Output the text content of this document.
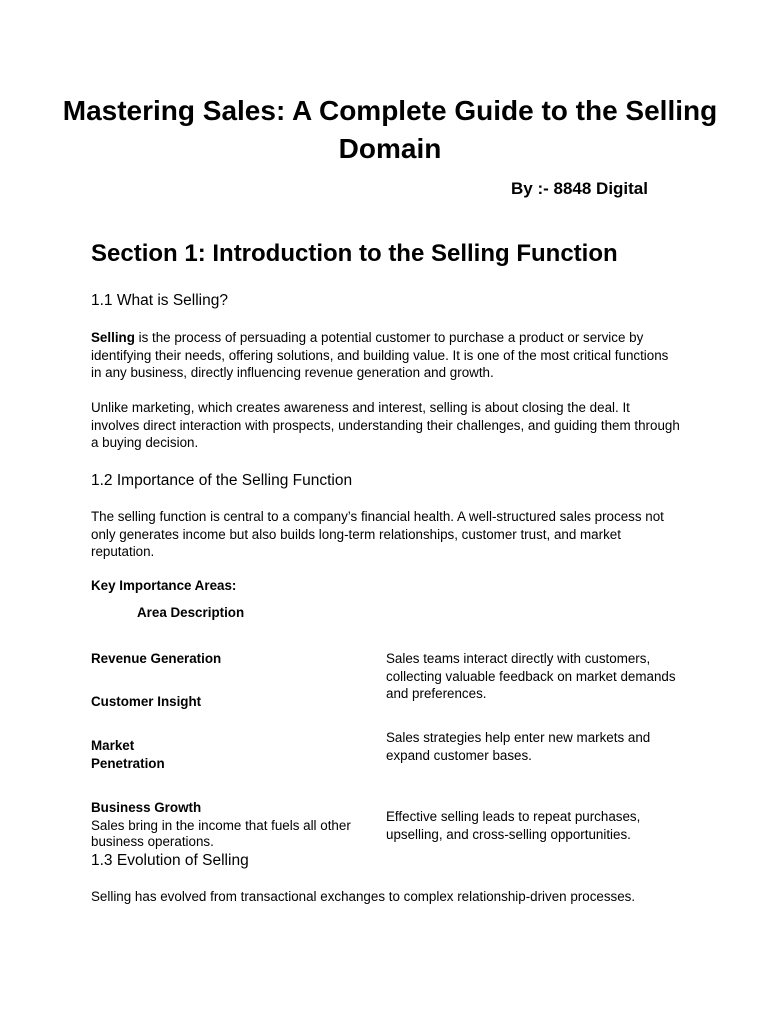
Mastering Sales: A Complete Guide to the Selling Domain
By :- 8848 Digital
Section 1: Introduction to the Selling Function
1.1 What is Selling?

Selling is the process of persuading a potential customer to purchase a product or service by identifying their needs, offering solutions, and building value. It is one of the most critical functions in any business, directly influencing revenue generation and growth.

Unlike marketing, which creates awareness and interest, selling is about closing the deal. It involves direct interaction with prospects, understanding their challenges, and guiding them through a buying decision.

1.2 Importance of the Selling Function

The selling function is central to a company’s financial health. A well-structured sales process not only generates income but also builds long-term relationships, customer trust, and market reputation.

Key Importance Areas:
Area Description
Revenue Generation
Customer Insight
Market
Penetration
Business Growth
Sales bring in the income that fuels all other business operations.
Sales teams interact directly with customers, collecting valuable feedback on market demands and preferences.
Sales strategies help enter new markets and expand customer bases.
Effective selling leads to repeat purchases, upselling, and cross-selling opportunities.
1.3 Evolution of Selling

Selling has evolved from transactional exchanges to complex relationship-driven processes.
